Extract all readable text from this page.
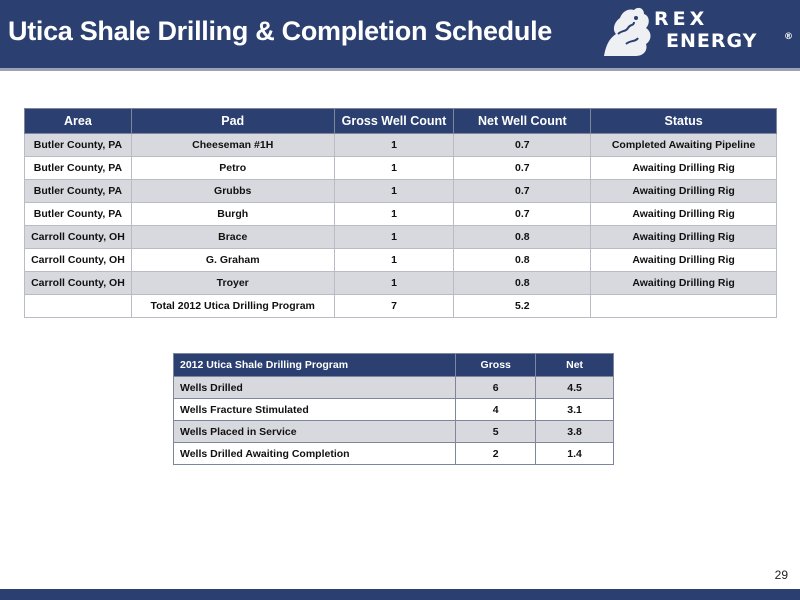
Utica Shale Drilling & Completion Schedule	REX
ENERGY	®
Area	Pad	Gross Well Count	Net Well Count	Status
Butler County, PA	Cheeseman #1H	1	0.7	Completed Awaiting Pipeline
Butler County, PA	Petro	1	0.7	Awaiting Drilling Rig
Butler County, PA	Grubbs	1	0.7	Awaiting Drilling Rig
Butler County, PA	Burgh	1	0.7	Awaiting Drilling Rig
Carroll County, OH	Brace	1	0.8	Awaiting Drilling Rig
Carroll County, OH	G. Graham	1	0.8	Awaiting Drilling Rig
Carroll County, OH	Troyer	1	0.8	Awaiting Drilling Rig
	Total 2012 Utica Drilling Program	7	5.2	
2012 Utica Shale Drilling Program	Gross	Net
Wells Drilled	6	4.5
Wells Fracture Stimulated	4	3.1
Wells Placed in Service	5	3.8
Wells Drilled Awaiting Completion	2	1.4
29
